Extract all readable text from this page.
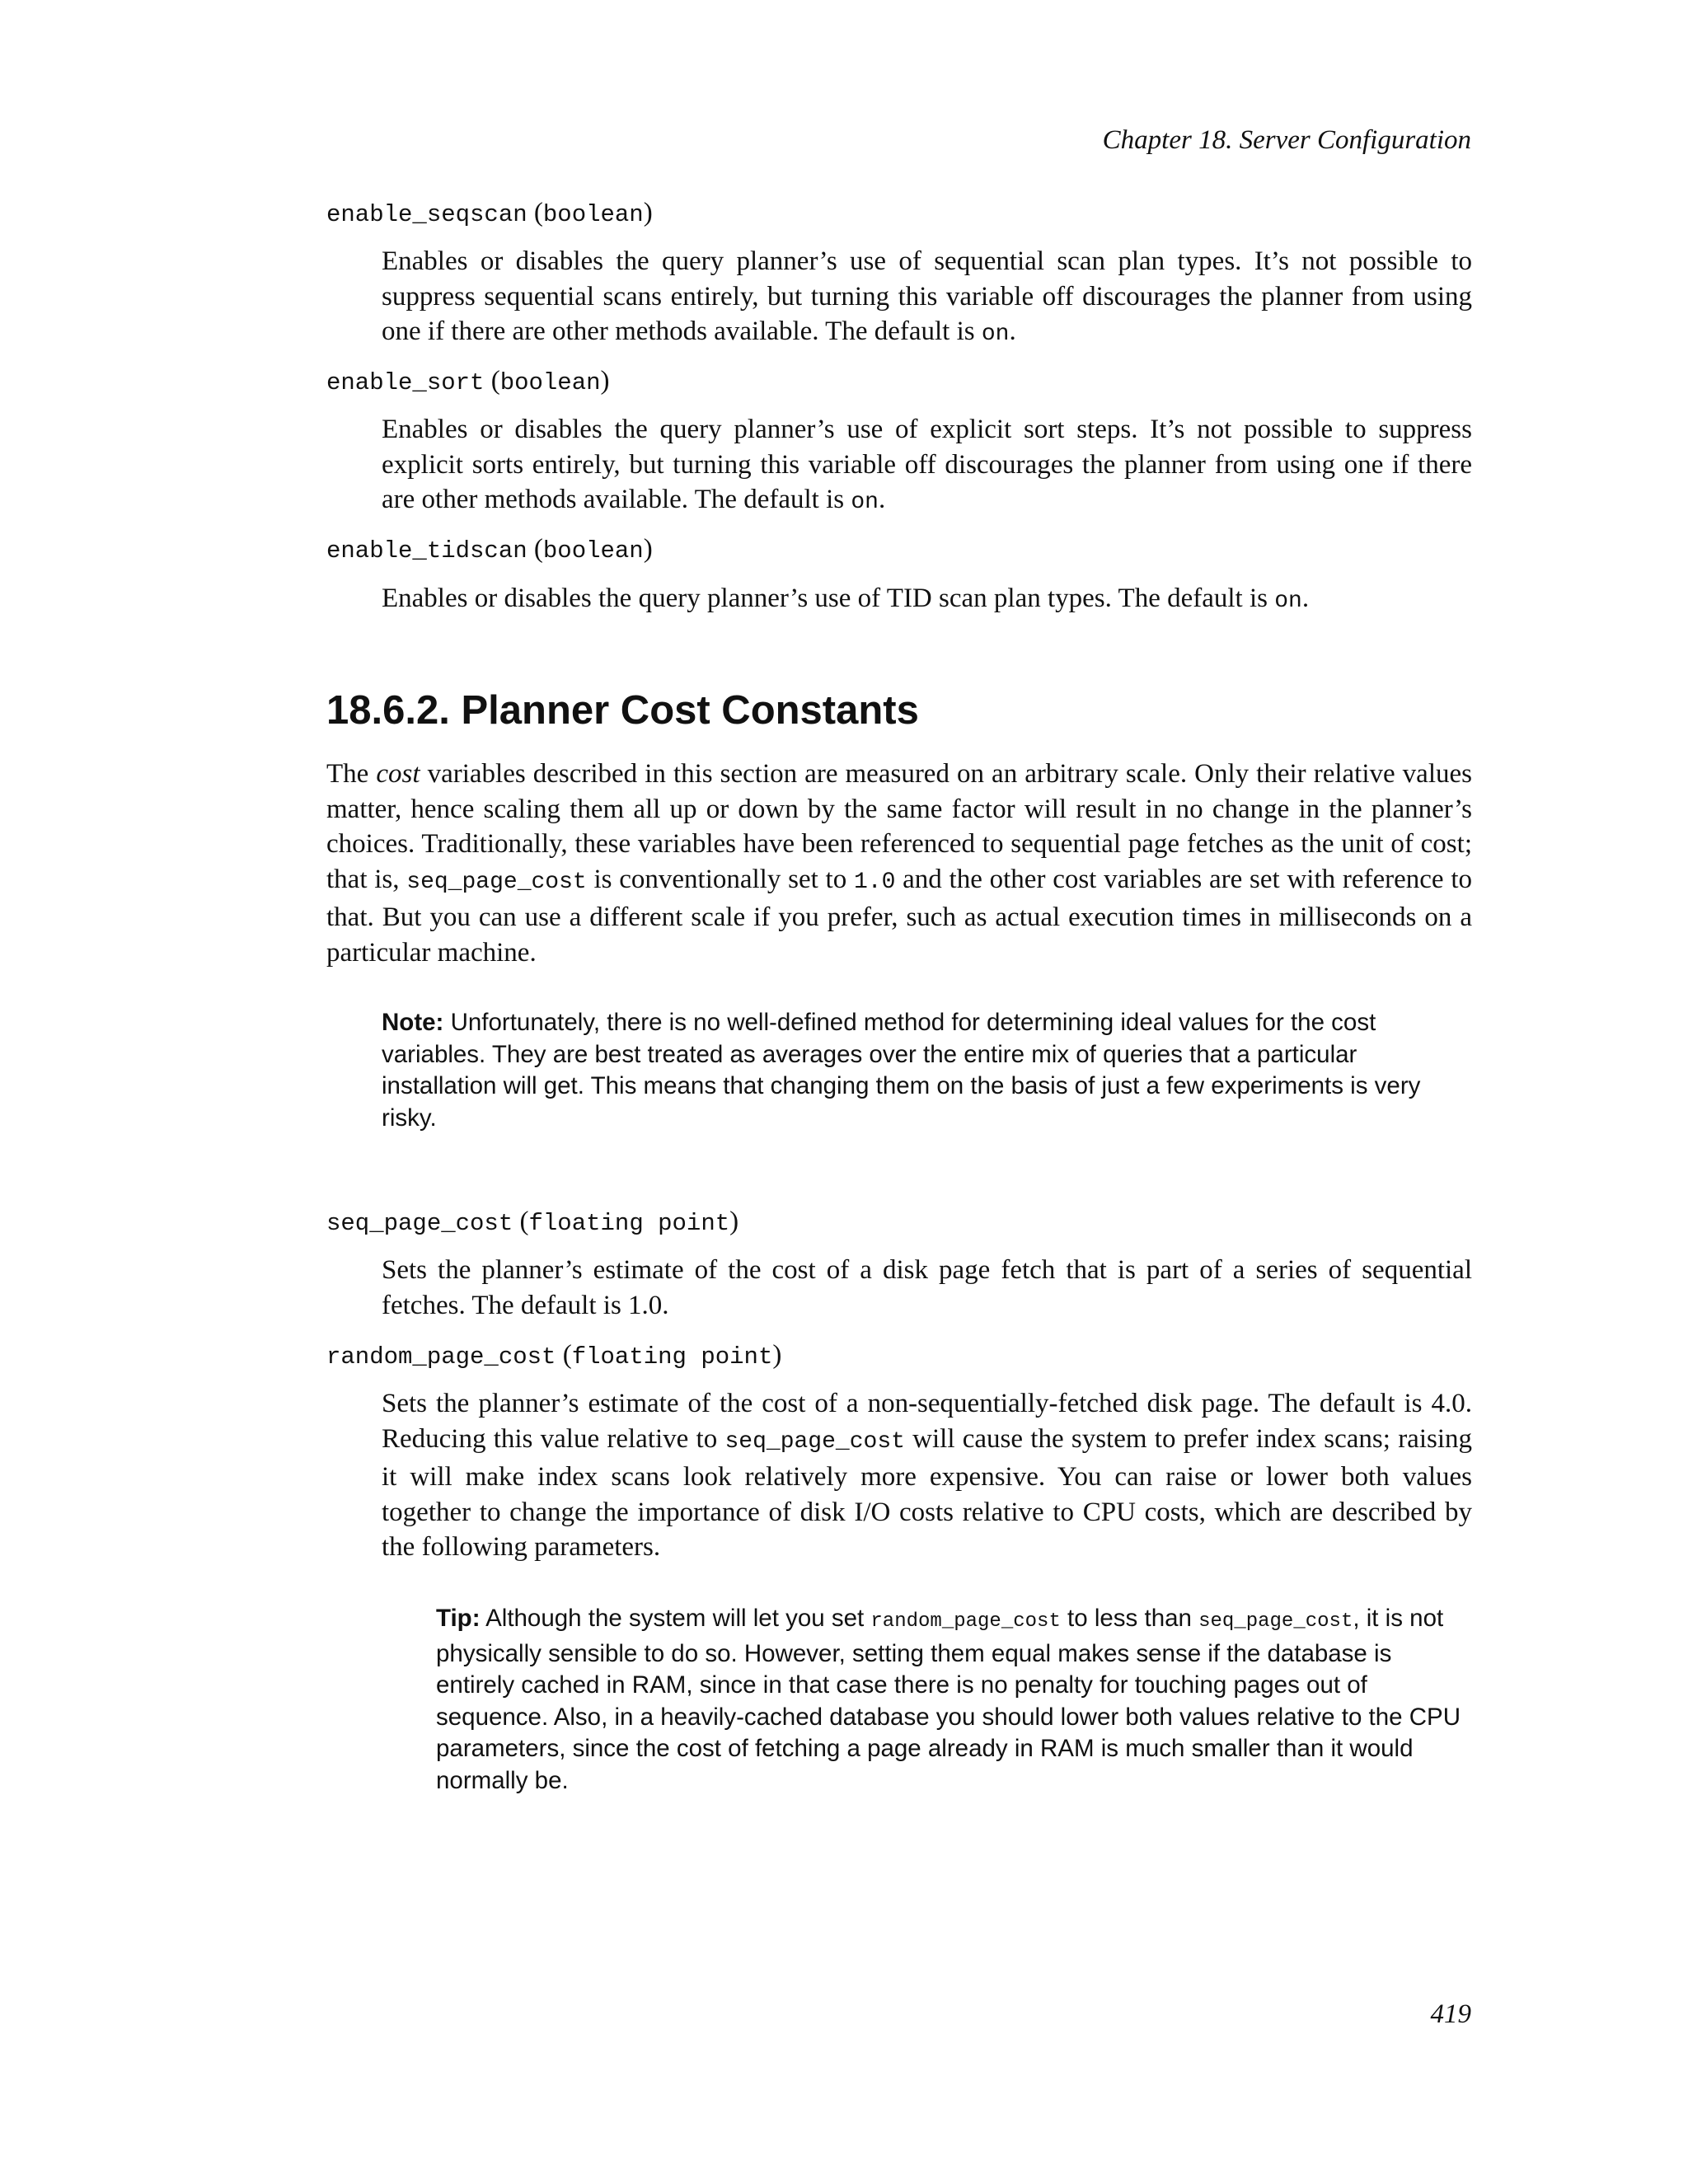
Chapter 18. Server Configuration
enable_seqscan (boolean)
Enables or disables the query planner’s use of sequential scan plan types. It’s not possible to suppress sequential scans entirely, but turning this variable off discourages the planner from using one if there are other methods available. The default is on.
enable_sort (boolean)
Enables or disables the query planner’s use of explicit sort steps. It’s not possible to suppress explicit sorts entirely, but turning this variable off discourages the planner from using one if there are other methods available. The default is on.
enable_tidscan (boolean)
Enables or disables the query planner’s use of TID scan plan types. The default is on.
18.6.2. Planner Cost Constants
The cost variables described in this section are measured on an arbitrary scale. Only their relative values matter, hence scaling them all up or down by the same factor will result in no change in the planner’s choices. Traditionally, these variables have been referenced to sequential page fetches as the unit of cost; that is, seq_page_cost is conventionally set to 1.0 and the other cost variables are set with reference to that. But you can use a different scale if you prefer, such as actual execution times in milliseconds on a particular machine.
Note: Unfortunately, there is no well-defined method for determining ideal values for the cost variables. They are best treated as averages over the entire mix of queries that a particular installation will get. This means that changing them on the basis of just a few experiments is very risky.
seq_page_cost (floating point)
Sets the planner’s estimate of the cost of a disk page fetch that is part of a series of sequential fetches. The default is 1.0.
random_page_cost (floating point)
Sets the planner’s estimate of the cost of a non-sequentially-fetched disk page. The default is 4.0. Reducing this value relative to seq_page_cost will cause the system to prefer index scans; raising it will make index scans look relatively more expensive. You can raise or lower both values together to change the importance of disk I/O costs relative to CPU costs, which are described by the following parameters.
Tip: Although the system will let you set random_page_cost to less than seq_page_cost, it is not physically sensible to do so. However, setting them equal makes sense if the database is entirely cached in RAM, since in that case there is no penalty for touching pages out of sequence. Also, in a heavily-cached database you should lower both values relative to the CPU parameters, since the cost of fetching a page already in RAM is much smaller than it would normally be.
419
